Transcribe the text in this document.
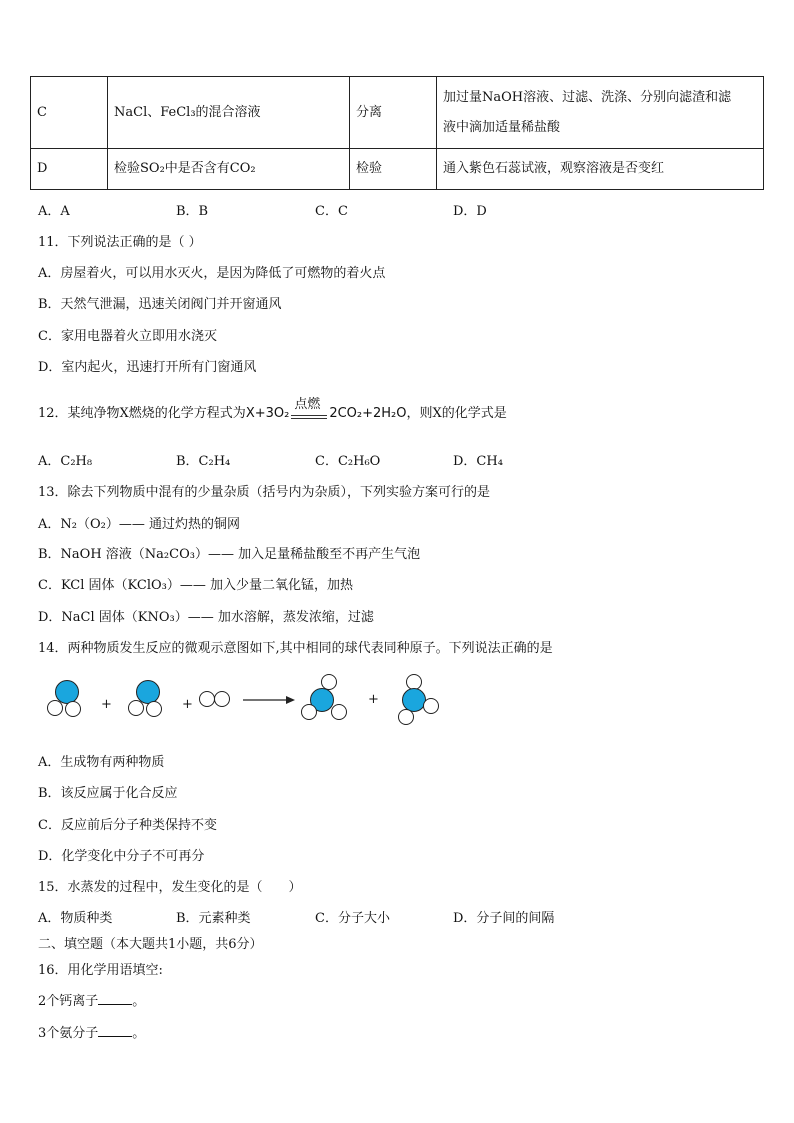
C	NaCl、FeCl₃的混合溶液	分离	加过量NaOH溶液、过滤、洗涤、分别向滤渣和滤
液中滴加适量稀盐酸

D	检验SO₂中是否含有CO₂	检验	通入紫色石蕊试液，观察溶液是否变红
A．A	B．B	C．C	D．D
11．下列说法正确的是（ ）
A．房屋着火，可以用水灭火，是因为降低了可燃物的着火点
B．天然气泄漏，迅速关闭阀门并开窗通风
C．家用电器着火立即用水浇灭
D．室内起火，迅速打开所有门窗通风
12．某纯净物X燃烧的化学方程式为X+3O₂
点燃
2CO₂+2H₂O，则X的化学式是
A．C₂H₈	B．C₂H₄	C．C₂H₆O	D．CH₄
13．除去下列物质中混有的少量杂质（括号内为杂质），下列实验方案可行的是
A．N₂（O₂）—— 通过灼热的铜网
B．NaOH 溶液（Na₂CO₃）—— 加入足量稀盐酸至不再产生气泡
C．KCl 固体（KClO₃）—— 加入少量二氧化锰，加热
D．NaCl 固体（KNO₃）—— 加水溶解，蒸发浓缩，过滤
14．两种物质发生反应的微观示意图如下,其中相同的球代表同种原子。下列说法正确的是
+	+	+
A．生成物有两种物质
B．该反应属于化合反应
C．反应前后分子种类保持不变
D．化学变化中分子不可再分
15．水蒸发的过程中，发生变化的是（　　）
A．物质种类	B．元素种类	C．分子大小	D．分子间的间隔
二、填空题（本大题共1小题，共6分）
16．用化学用语填空:
2个钙离子	。
3个氨分子	。
